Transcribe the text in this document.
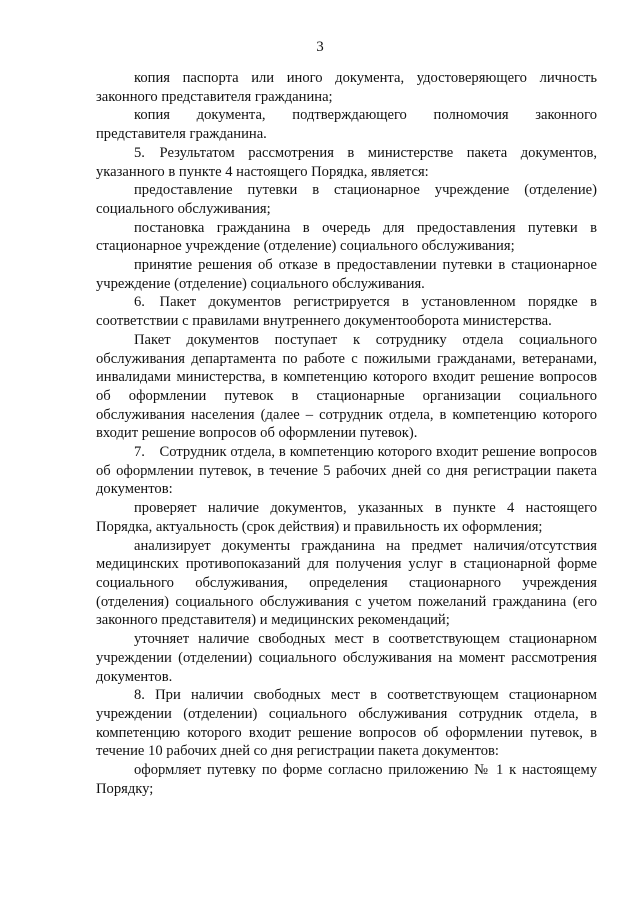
3

копия паспорта или иного документа, удостоверяющего личность законного представителя гражданина;

копия документа, подтверждающего полномочия законного представителя гражданина.

5. Результатом рассмотрения в министерстве пакета документов, указанного в пункте 4 настоящего Порядка, является:

предоставление путевки в стационарное учреждение (отделение) социального обслуживания;

постановка гражданина в очередь для предоставления путевки в стационарное учреждение (отделение) социального обслуживания;

принятие решения об отказе в предоставлении путевки в стационарное учреждение (отделение) социального обслуживания.

6. Пакет документов регистрируется в установленном порядке в соответствии с правилами внутреннего документооборота министерства.

Пакет документов поступает к сотруднику отдела социального обслуживания департамента по работе с пожилыми гражданами, ветеранами, инвалидами министерства, в компетенцию которого входит решение вопросов об оформлении путевок в стационарные организации социального обслуживания населения (далее – сотрудник отдела, в компетенцию которого входит решение вопросов об оформлении путевок).

7. Сотрудник отдела, в компетенцию которого входит решение вопросов об оформлении путевок, в течение 5 рабочих дней со дня регистрации пакета документов:

проверяет наличие документов, указанных в пункте 4 настоящего Порядка, актуальность (срок действия) и правильность их оформления;

анализирует документы гражданина на предмет наличия/отсутствия медицинских противопоказаний для получения услуг в стационарной форме социального обслуживания, определения стационарного учреждения (отделения) социального обслуживания с учетом пожеланий гражданина (его законного представителя) и медицинских рекомендаций;

уточняет наличие свободных мест в соответствующем стационарном учреждении (отделении) социального обслуживания на момент рассмотрения документов.

8. При наличии свободных мест в соответствующем стационарном учреждении (отделении) социального обслуживания сотрудник отдела, в компетенцию которого входит решение вопросов об оформлении путевок, в течение 10 рабочих дней со дня регистрации пакета документов:

оформляет путевку по форме согласно приложению № 1 к настоящему Порядку;
